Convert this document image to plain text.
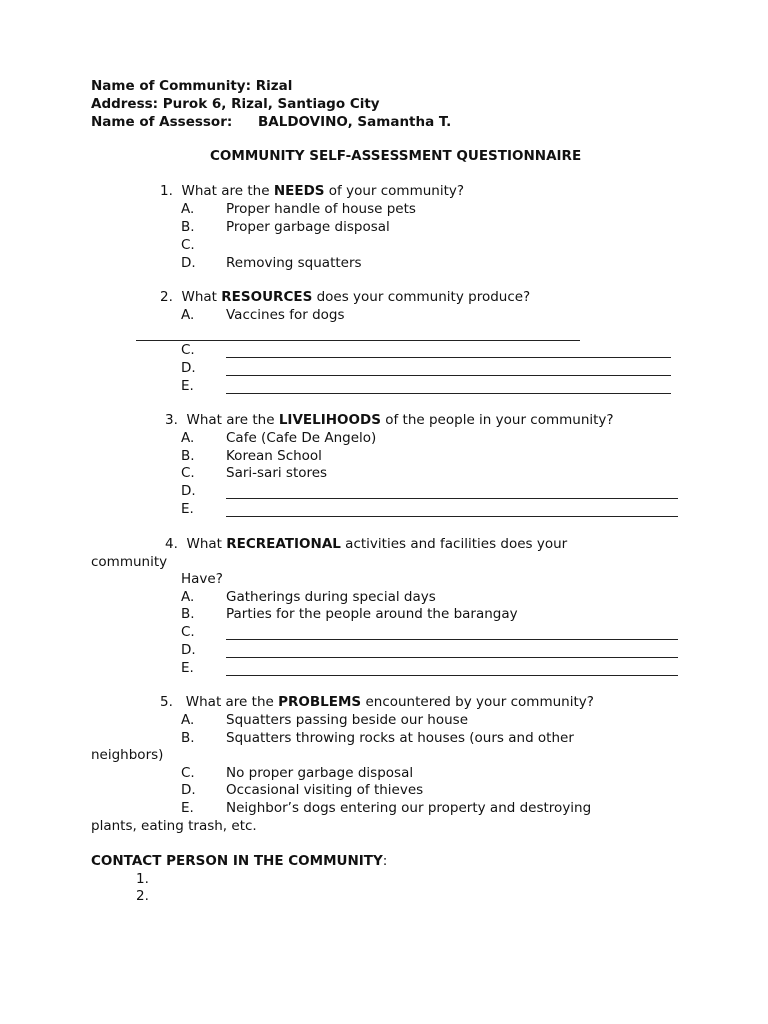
Name of Community: Rizal
Address: Purok 6, Rizal, Santiago City
Name of Assessor: BALDOVINO, Samantha T.
COMMUNITY SELF-ASSESSMENT QUESTIONNAIRE
1. What are the NEEDS of your community?
A. Proper handle of house pets
B. Proper garbage disposal
C.
D. Removing squatters
2. What RESOURCES does your community produce?
A. Vaccines for dogs
C.
D.
E.
3. What are the LIVELIHOODS of the people in your community?
A. Cafe (Cafe De Angelo)
B. Korean School
C. Sari-sari stores
D.
E.
4. What RECREATIONAL activities and facilities does your
community
Have?
A. Gatherings during special days
B. Parties for the people around the barangay
C.
D.
E.
5. What are the PROBLEMS encountered by your community?
A. Squatters passing beside our house
B. Squatters throwing rocks at houses (ours and other
neighbors)
C. No proper garbage disposal
D. Occasional visiting of thieves
E. Neighbor’s dogs entering our property and destroying
plants, eating trash, etc.
CONTACT PERSON IN THE COMMUNITY:
1.
2.
